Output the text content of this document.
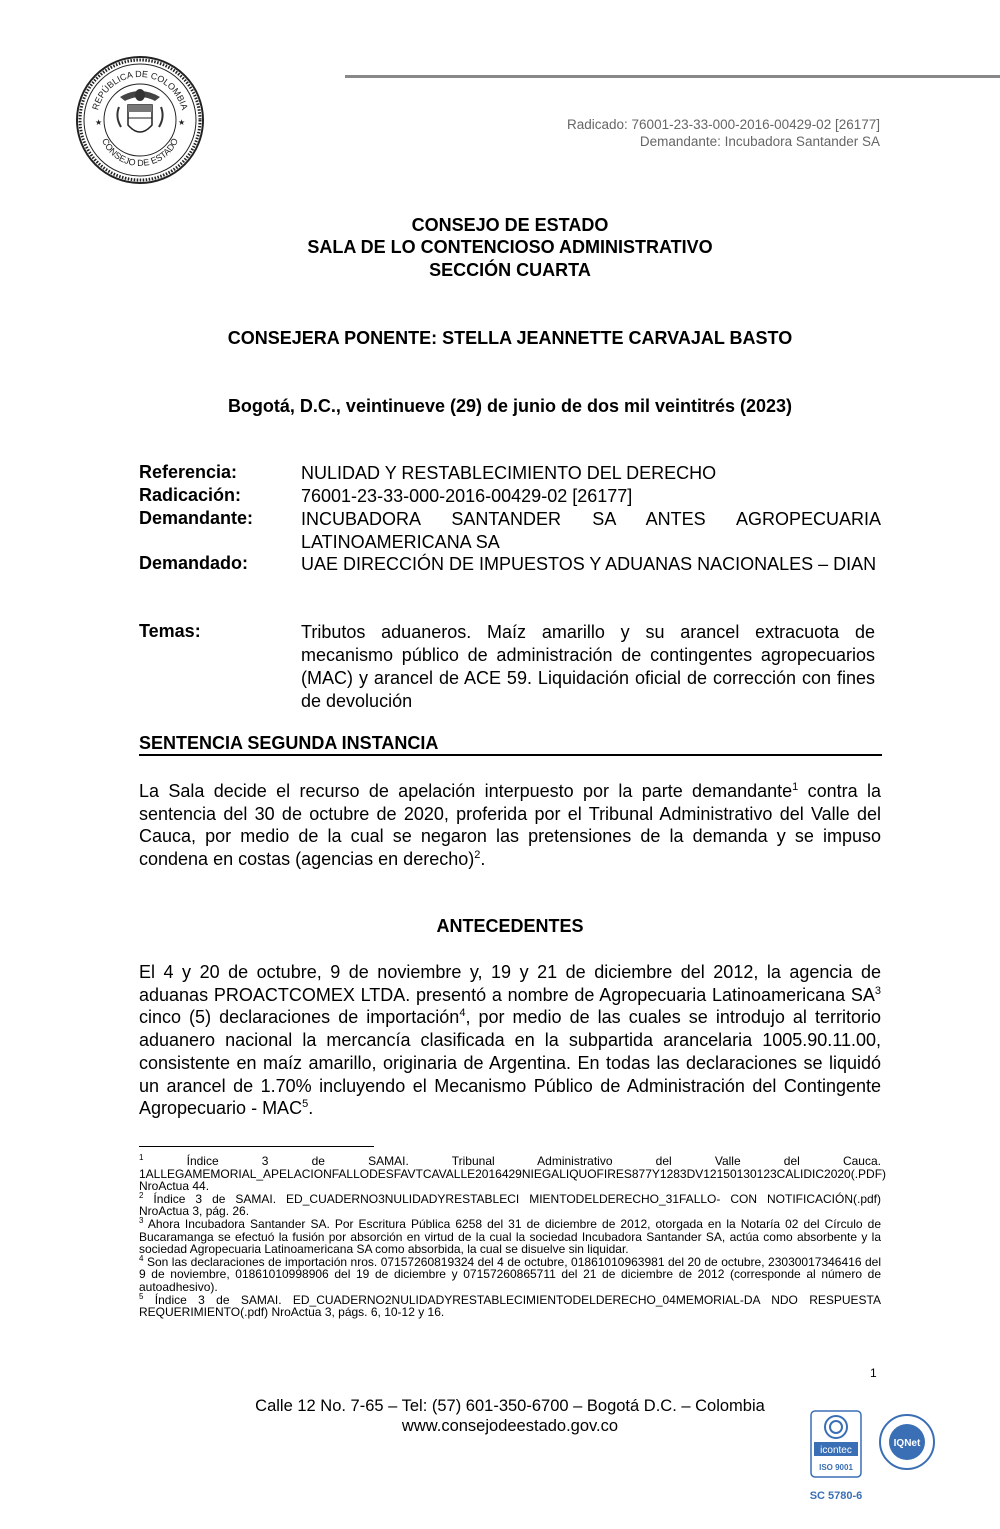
REPÚBLICA DE COLOMBIA
CONSEJO DE ESTADO
★	★	Radicado: 76001-23-33-000-2016-00429-02 [26177]
Demandante: Incubadora Santander SA
CONSEJO DE ESTADO
SALA DE LO CONTENCIOSO ADMINISTRATIVO
SECCIÓN CUARTA
CONSEJERA PONENTE: STELLA JEANNETTE CARVAJAL BASTO
Bogotá, D.C., veintinueve (29) de junio de dos mil veintitrés (2023)
Referencia:	NULIDAD Y RESTABLECIMIENTO DEL DERECHO
Radicación:	76001-23-33-000-2016-00429-02 [26177]
Demandante:	INCUBADORA SANTANDER SA ANTES AGROPECUARIA LATINOAMERICANA SA
Demandado:	UAE DIRECCIÓN DE IMPUESTOS Y ADUANAS NACIONALES – DIAN
Temas:	Tributos aduaneros. Maíz amarillo y su arancel extracuota de mecanismo público de administración de contingentes agropecuarios (MAC) y arancel de ACE 59. Liquidación oficial de corrección con fines de devolución
SENTENCIA SEGUNDA INSTANCIA
La Sala decide el recurso de apelación interpuesto por la parte demandante$^1$ contra la sentencia del 30 de octubre de 2020, proferida por el Tribunal Administrativo del Valle del Cauca, por medio de la cual se negaron las pretensiones de la demanda y se impuso condena en costas (agencias en derecho)$^2$.
ANTECEDENTES
El 4 y 20 de octubre, 9 de noviembre y, 19 y 21 de diciembre del 2012, la agencia de aduanas PROACTCOMEX LTDA. presentó a nombre de Agropecuaria Latinoamericana $SA^3$ cinco (5) declaraciones de importación$^4$, por medio de las cuales se introdujo al territorio aduanero nacional la mercancía clasificada en la subpartida arancelaria 1005.90.11.00, consistente en maíz amarillo, originaria de Argentina. En todas las declaraciones se liquidó un arancel de 1.70% incluyendo el Mecanismo Público de Administración del Contingente Agropecuario - MAC$^5$.

$^1$ Índice 3 de SAMAI. Tribunal Administrativo del Valle del Cauca. 1ALLEGAMEMORIAL_APELACIONFALLODESFAVTCAVALLE2016429NIEGALIQUOFIRES877Y1283DV12150130123CALIDIC2020(.PDF) NroActua 44.

$^2$ Índice 3 de SAMAI. ED_CUADERNO3NULIDADYRESTABLECI MIENTODELDERECHO_31FALLO- CON NOTIFICACIÓN(.pdf) NroActua 3, pág. 26.

$^3$ Ahora Incubadora Santander SA. Por Escritura Pública 6258 del 31 de diciembre de 2012, otorgada en la Notaría 02 del Círculo de Bucaramanga se efectuó la fusión por absorción en virtud de la cual la sociedad Incubadora Santander SA, actúa como absorbente y la sociedad Agropecuaria Latinoamericana SA como absorbida, la cual se disuelve sin liquidar.

$^4$ Son las declaraciones de importación nros. 07157260819324 del 4 de octubre, 01861010963981 del 20 de octubre, 23030017346416 del 9 de noviembre, 01861010998906 del 19 de diciembre y 07157260865711 del 21 de diciembre de 2012 (corresponde al número de autoadhesivo).

$^5$ Índice 3 de SAMAI. ED_CUADERNO2NULIDADYRESTABLECIMIENTODELDERECHO_04MEMORIAL-DA NDO RESPUESTA REQUERIMIENTO(.pdf) NroActua 3, págs. 6, 10-12 y 16.

1
Calle 12 No. 7-65 – Tel: (57) 601-350-6700 – Bogotá D.C. – Colombia
www.consejodeestado.gov.co
icontec
ISO 9001
IQNet
SC 5780-6
